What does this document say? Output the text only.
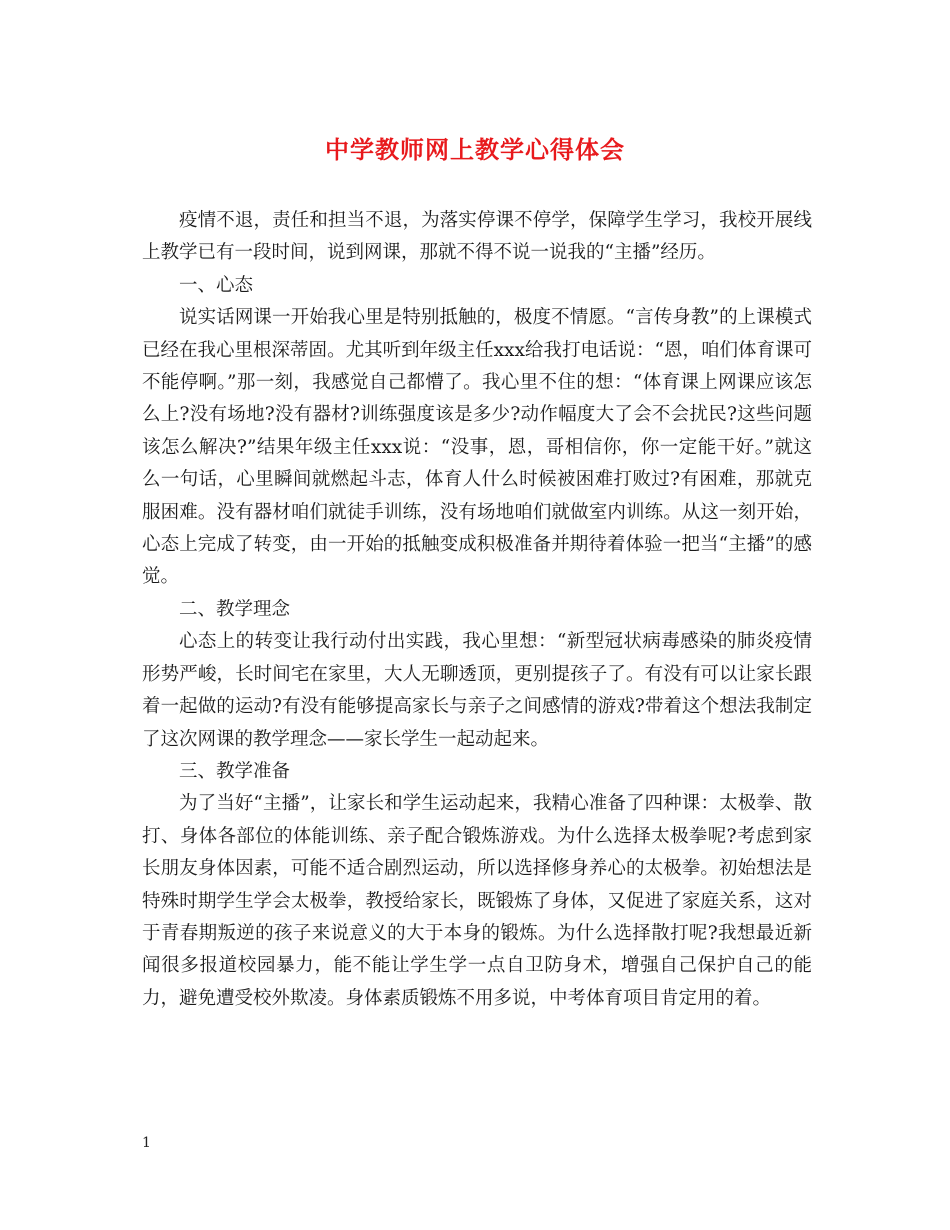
中学教师网上教学心得体会

疫情不退，责任和担当不退，为落实停课不停学，保障学生学习，我校开展线上教学已有一段时间，说到网课，那就不得不说一说我的“主播”经历。

一、心态

说实话网课一开始我心里是特别抵触的，极度不情愿。“言传身教”的上课模式已经在我心里根深蒂固。尤其听到年级主任xxx给我打电话说：“恩，咱们体育课可不能停啊。”那一刻，我感觉自己都懵了。我心里不住的想：“体育课上网课应该怎么上?没有场地?没有器材?训练强度该是多少?动作幅度大了会不会扰民?这些问题该怎么解决?”结果年级主任xxx说：“没事，恩，哥相信你，你一定能干好。”就这么一句话，心里瞬间就燃起斗志，体育人什么时候被困难打败过?有困难，那就克服困难。没有器材咱们就徒手训练，没有场地咱们就做室内训练。从这一刻开始，心态上完成了转变，由一开始的抵触变成积极准备并期待着体验一把当“主播”的感觉。

二、教学理念

心态上的转变让我行动付出实践，我心里想：“新型冠状病毒感染的肺炎疫情形势严峻，长时间宅在家里，大人无聊透顶，更别提孩子了。有没有可以让家长跟着一起做的运动?有没有能够提高家长与亲子之间感情的游戏?带着这个想法我制定了这次网课的教学理念——家长学生一起动起来。

三、教学准备

为了当好“主播”，让家长和学生运动起来，我精心准备了四种课：太极拳、散打、身体各部位的体能训练、亲子配合锻炼游戏。为什么选择太极拳呢?考虑到家长朋友身体因素，可能不适合剧烈运动，所以选择修身养心的太极拳。初始想法是特殊时期学生学会太极拳，教授给家长，既锻炼了身体，又促进了家庭关系，这对于青春期叛逆的孩子来说意义的大于本身的锻炼。为什么选择散打呢?我想最近新闻很多报道校园暴力，能不能让学生学一点自卫防身术，增强自己保护自己的能力，避免遭受校外欺凌。身体素质锻炼不用多说，中考体育项目肯定用的着。

1
